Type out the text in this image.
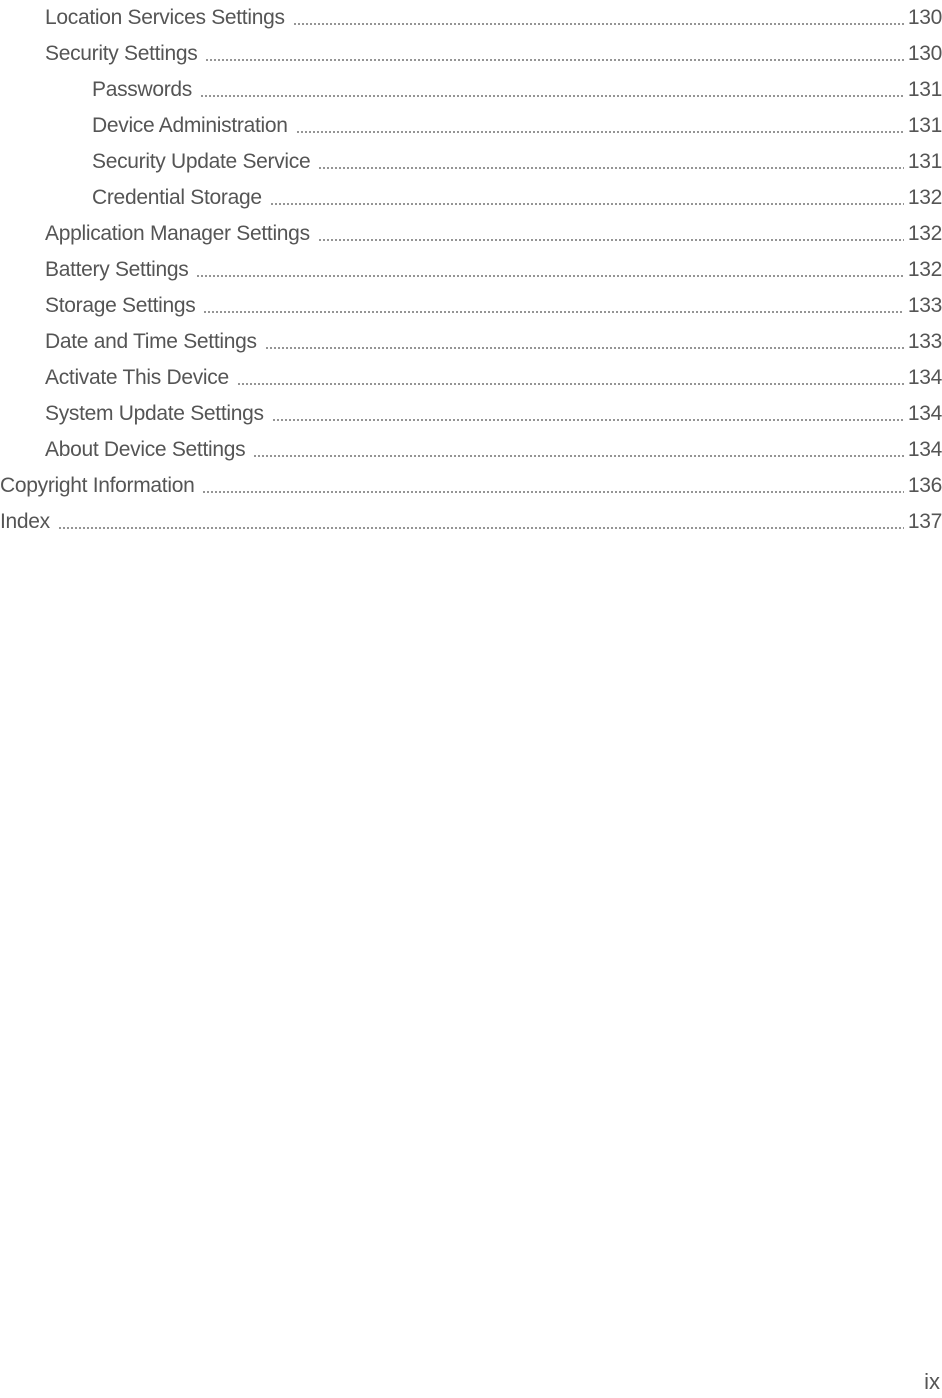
Location Services Settings	130
Security Settings	130
Passwords	131
Device Administration	131
Security Update Service	131
Credential Storage	132
Application Manager Settings	132
Battery Settings	132
Storage Settings	133
Date and Time Settings	133
Activate This Device	134
System Update Settings	134
About Device Settings	134
Copyright Information	136
Index	137
ix
